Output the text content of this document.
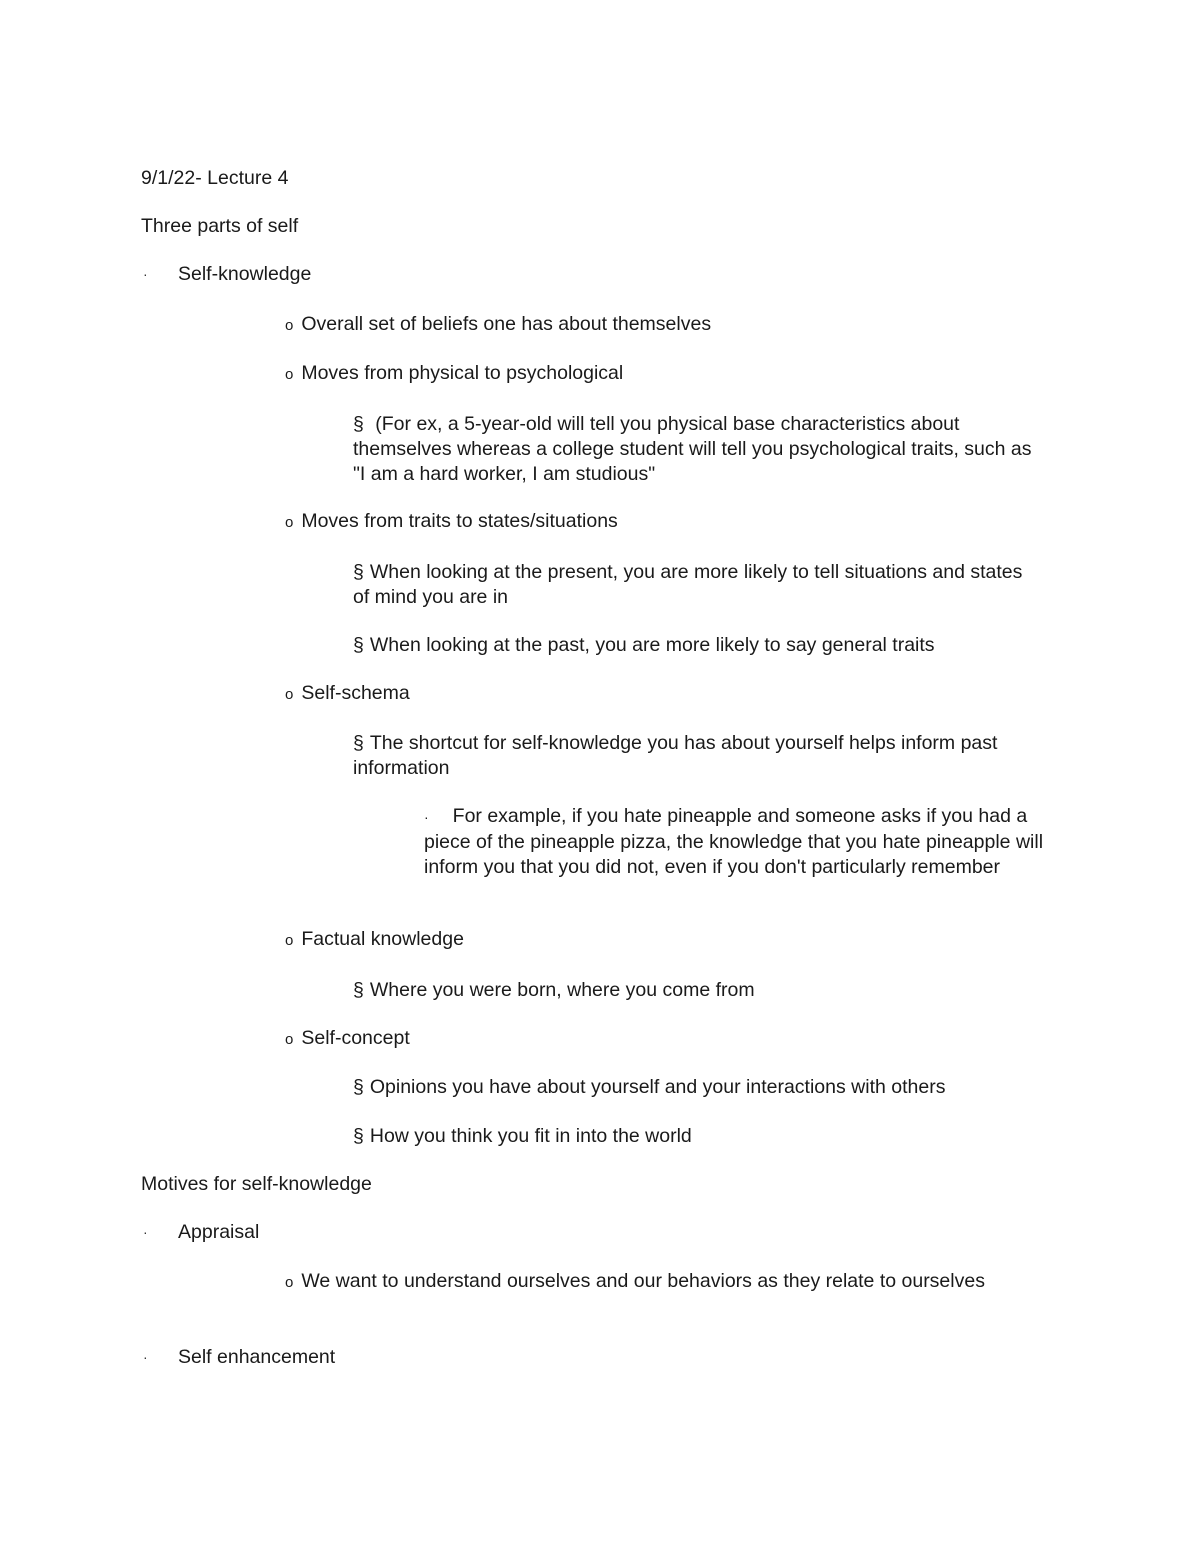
9/1/22- Lecture 4
Three parts of self
· Self-knowledge
o Overall set of beliefs one has about themselves
o Moves from physical to psychological
§ (For ex, a 5-year-old will tell you physical base characteristics about themselves whereas a college student will tell you psychological traits, such as "I am a hard worker, I am studious"
o Moves from traits to states/situations
§ When looking at the present, you are more likely to tell situations and states of mind you are in
§ When looking at the past, you are more likely to say general traits
o Self-schema
§ The shortcut for self-knowledge you has about yourself helps inform past information
· For example, if you hate pineapple and someone asks if you had a piece of the pineapple pizza, the knowledge that you hate pineapple will inform you that you did not, even if you don't particularly remember
o Factual knowledge
§ Where you were born, where you come from
o Self-concept
§ Opinions you have about yourself and your interactions with others
§ How you think you fit in into the world
Motives for self-knowledge
· Appraisal
o We want to understand ourselves and our behaviors as they relate to ourselves
· Self enhancement
